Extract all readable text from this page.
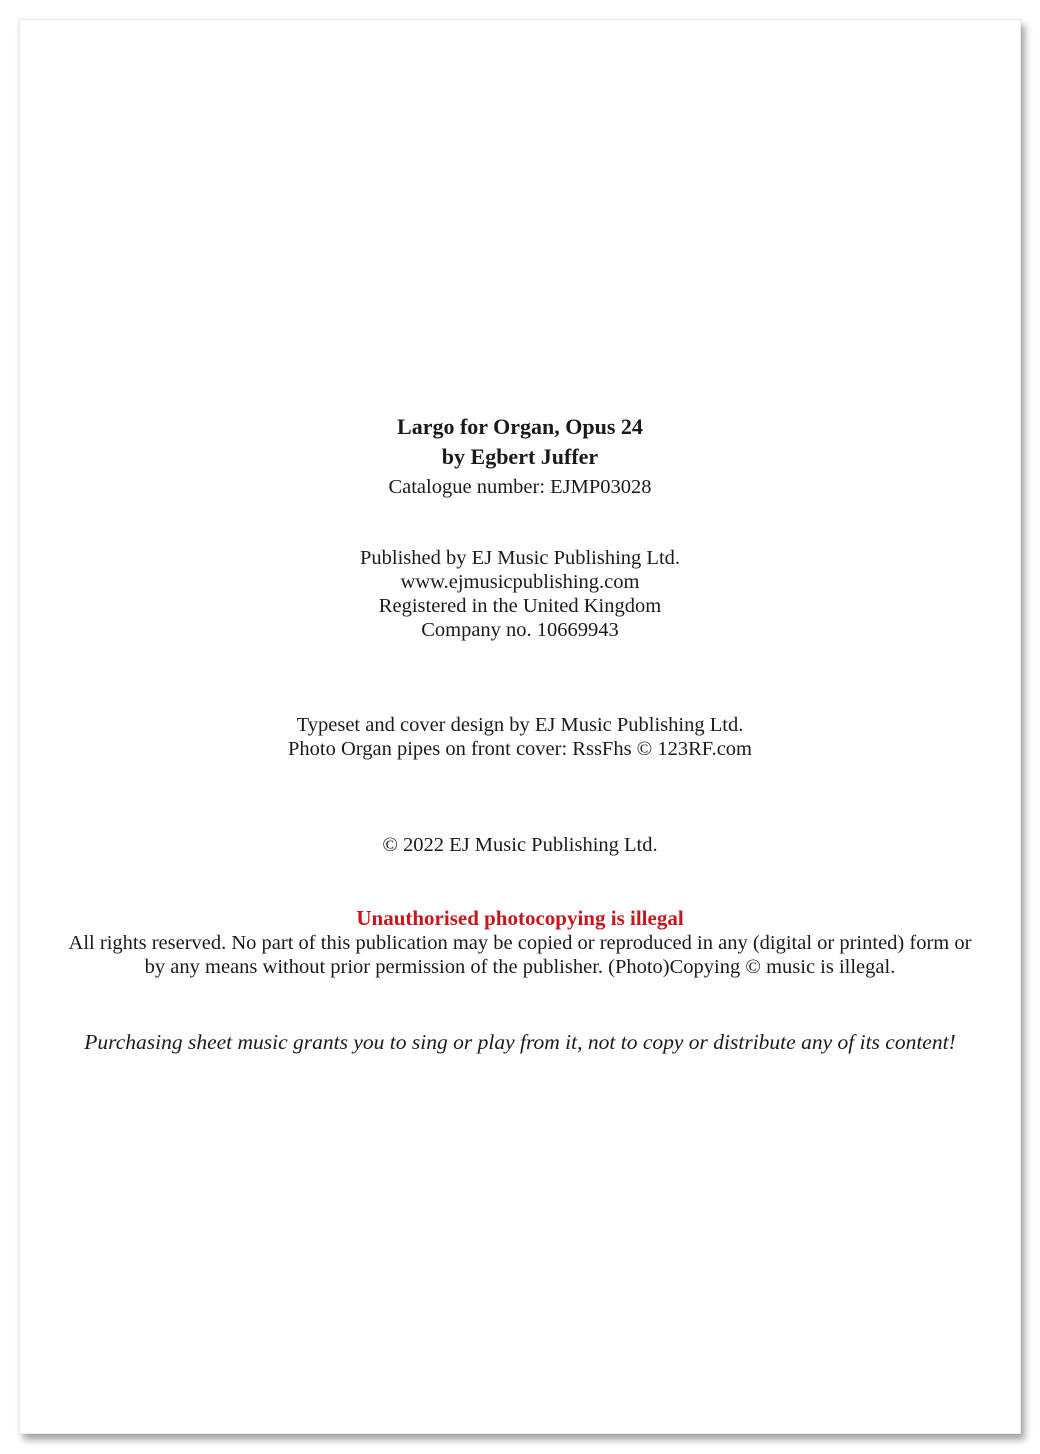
Largo for Organ, Opus 24
by Egbert Juffer
Catalogue number: EJMP03028
Published by EJ Music Publishing Ltd.
www.ejmusicpublishing.com
Registered in the United Kingdom
Company no. 10669943
Typeset and cover design by EJ Music Publishing Ltd.
Photo Organ pipes on front cover: RssFhs © 123RF.com
© 2022 EJ Music Publishing Ltd.
Unauthorised photocopying is illegal
All rights reserved. No part of this publication may be copied or reproduced in any (digital or printed) form or
by any means without prior permission of the publisher. (Photo)Copying © music is illegal.
Purchasing sheet music grants you to sing or play from it, not to copy or distribute any of its content!
